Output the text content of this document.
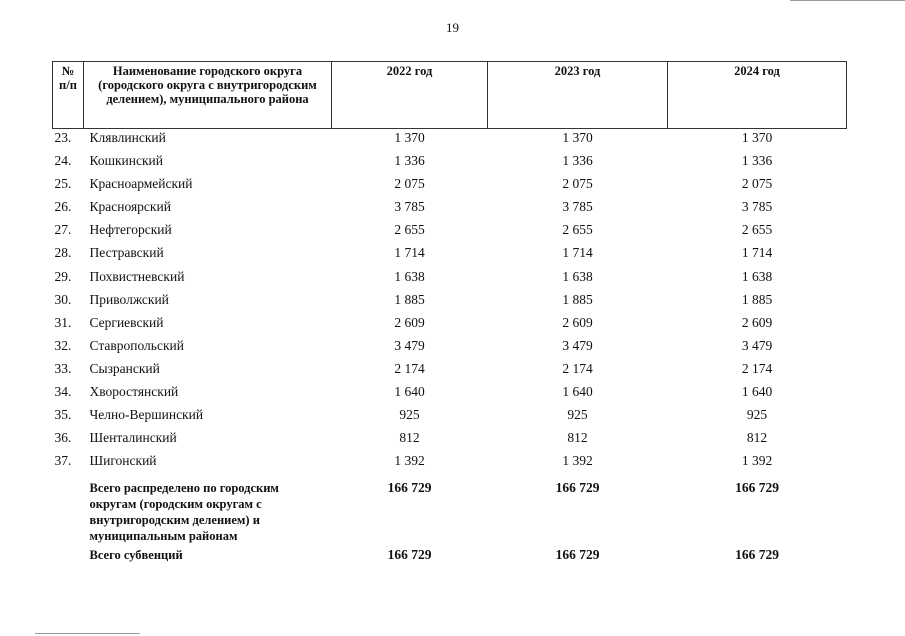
19
№ п/п	Наименование городского округа (городского округа с внутригородским делением), муниципального района	2022 год	2023 год	2024 год
23.	Клявлинский	1 370	1 370	1 370
24.	Кошкинский	1 336	1 336	1 336
25.	Красноармейский	2 075	2 075	2 075
26.	Красноярский	3 785	3 785	3 785
27.	Нефтегорский	2 655	2 655	2 655
28.	Пестравский	1 714	1 714	1 714
29.	Похвистневский	1 638	1 638	1 638
30.	Приволжский	1 885	1 885	1 885
31.	Сергиевский	2 609	2 609	2 609
32.	Ставропольский	3 479	3 479	3 479
33.	Сызранский	2 174	2 174	2 174
34.	Хворостянский	1 640	1 640	1 640
35.	Челно-Вершинский	925	925	925
36.	Шенталинский	812	812	812
37.	Шигонский	1 392	1 392	1 392
	Всего распределено по городским округам (городским округам с внутригородским делением) и муниципальным районам	166 729	166 729	166 729
	Всего субвенций	166 729	166 729	166 729
